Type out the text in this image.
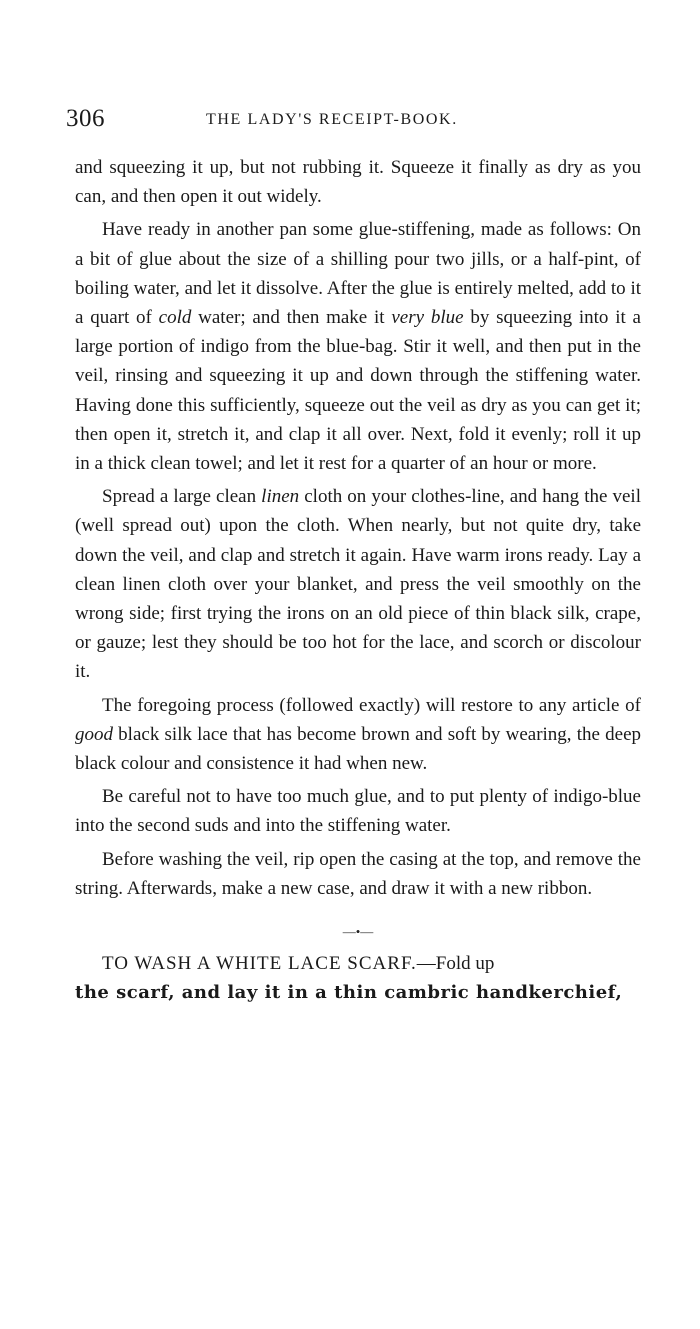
306	THE LADY'S RECEIPT-BOOK.

and squeezing it up, but not rubbing it. Squeeze it finally as dry as you can, and then open it out widely.

Have ready in another pan some glue-stiffening, made as follows: On a bit of glue about the size of a shilling pour two jills, or a half-pint, of boiling water, and let it dissolve. After the glue is entirely melted, add to it a quart of cold water; and then make it very blue by squeezing into it a large portion of indigo from the blue-bag. Stir it well, and then put in the veil, rinsing and squeezing it up and down through the stiffening water. Having done this sufficiently, squeeze out the veil as dry as you can get it; then open it, stretch it, and clap it all over. Next, fold it evenly; roll it up in a thick clean towel; and let it rest for a quarter of an hour or more.

Spread a large clean linen cloth on your clothes-line, and hang the veil (well spread out) upon the cloth. When nearly, but not quite dry, take down the veil, and clap and stretch it again. Have warm irons ready. Lay a clean linen cloth over your blanket, and press the veil smoothly on the wrong side; first trying the irons on an old piece of thin black silk, crape, or gauze; lest they should be too hot for the lace, and scorch or discolour it.

The foregoing process (followed exactly) will restore to any article of good black silk lace that has become brown and soft by wearing, the deep black colour and consistence it had when new.

Be careful not to have too much glue, and to put plenty of indigo-blue into the second suds and into the stiffening water.

Before washing the veil, rip open the casing at the top, and remove the string. Afterwards, make a new case, and draw it with a new ribbon.

—•—

TO WASH A WHITE LACE SCARF.—Fold up
the scarf, and lay it in a thin cambric handkerchief,
